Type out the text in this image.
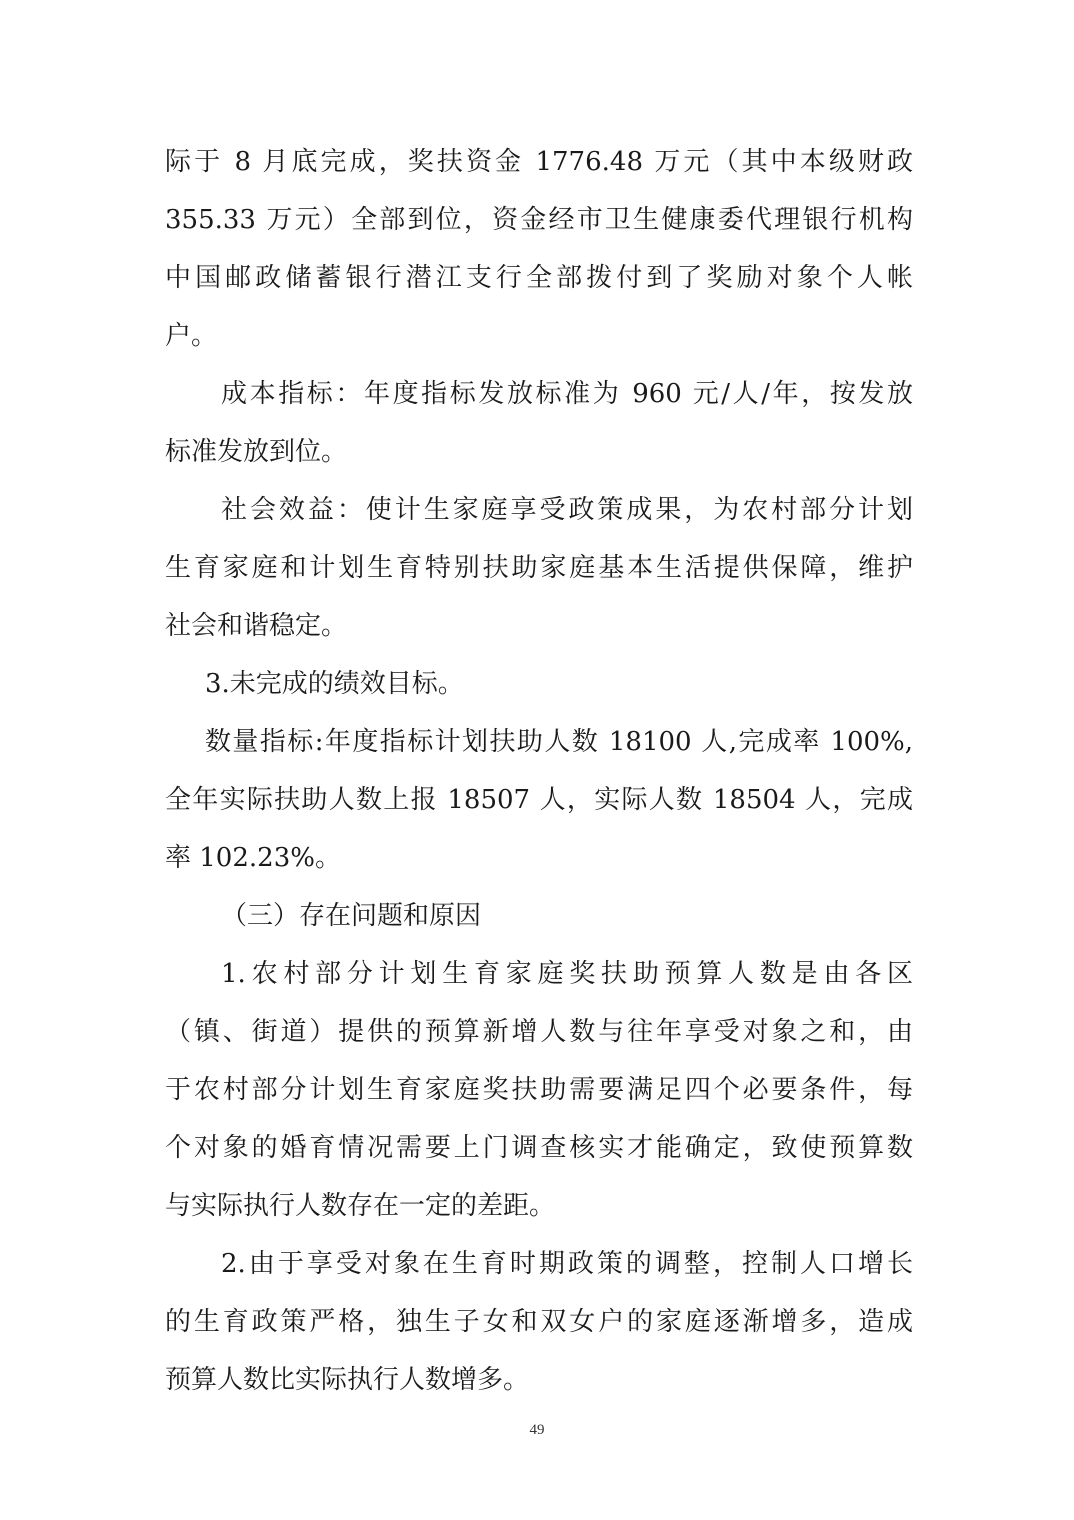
际于 8 月底完成，奖扶资金 1776.48 万元（其中本级财政
355.33 万元）全部到位，资金经市卫生健康委代理银行机构
中国邮政储蓄银行潜江支行全部拨付到了奖励对象个人帐
户。
成本指标：年度指标发放标准为 960 元/人/年，按发放
标准发放到位。
社会效益：使计生家庭享受政策成果，为农村部分计划
生育家庭和计划生育特别扶助家庭基本生活提供保障，维护
社会和谐稳定。
3.未完成的绩效目标。
数量指标:年度指标计划扶助人数 18100 人,完成率 100%,
全年实际扶助人数上报 18507 人，实际人数 18504 人，完成
率 102.23%。
（三）存在问题和原因
1.农村部分计划生育家庭奖扶助预算人数是由各区
（镇、街道）提供的预算新增人数与往年享受对象之和，由
于农村部分计划生育家庭奖扶助需要满足四个必要条件，每
个对象的婚育情况需要上门调查核实才能确定，致使预算数
与实际执行人数存在一定的差距。
2.由于享受对象在生育时期政策的调整，控制人口增长
的生育政策严格，独生子女和双女户的家庭逐渐增多，造成
预算人数比实际执行人数增多。
49
